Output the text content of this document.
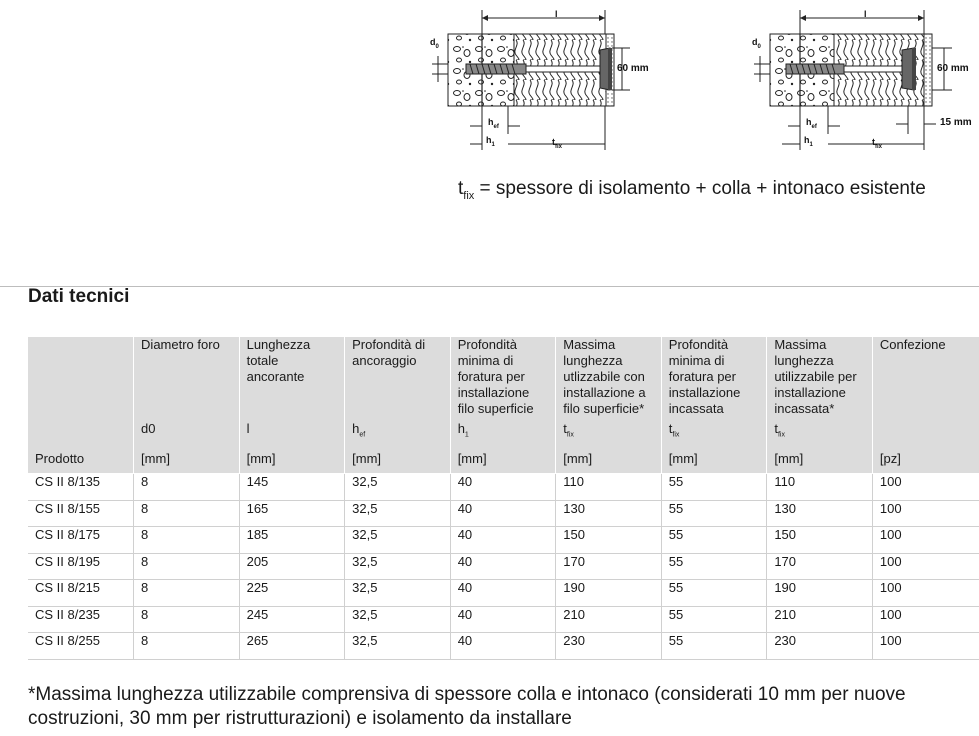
l
$d_0$
60 mm
$h_{ef}$
$h_1$	$t_{fix}$
l
$d_0$
60 mm
15 mm
$h_{ef}$
$h_1$	$t_{fix}$
$t_{fix}$ = spessore di isolamento + colla + intonaco esistente
Dati tecnici
	Diametro foro	Lunghezza totale ancorante	Profondità di ancoraggio	Profondità minima di foratura per installazione filo superficie	Massima lunghezza utlizzabile con installazione a filo superficie*	Profondità minima di foratura per installazione incassata	Massima lunghezza utilizzabile per installazione incassata*	Confezione
	d0	l	$h_{ef}$	$h_1$	$t_{fix}$	$t_{fix}$	$t_{fix}$	
Prodotto	[mm]	[mm]	[mm]	[mm]	[mm]	[mm]	[mm]	[pz]
CS II 8/135	8	145	32,5	40	110	55	110	100
CS II 8/155	8	165	32,5	40	130	55	130	100
CS II 8/175	8	185	32,5	40	150	55	150	100
CS II 8/195	8	205	32,5	40	170	55	170	100
CS II 8/215	8	225	32,5	40	190	55	190	100
CS II 8/235	8	245	32,5	40	210	55	210	100
CS II 8/255	8	265	32,5	40	230	55	230	100
*Massima lunghezza utilizzabile comprensiva di spessore colla e intonaco (considerati 10 mm per nuove costruzioni, 30 mm per ristrutturazioni) e isolamento da installare
